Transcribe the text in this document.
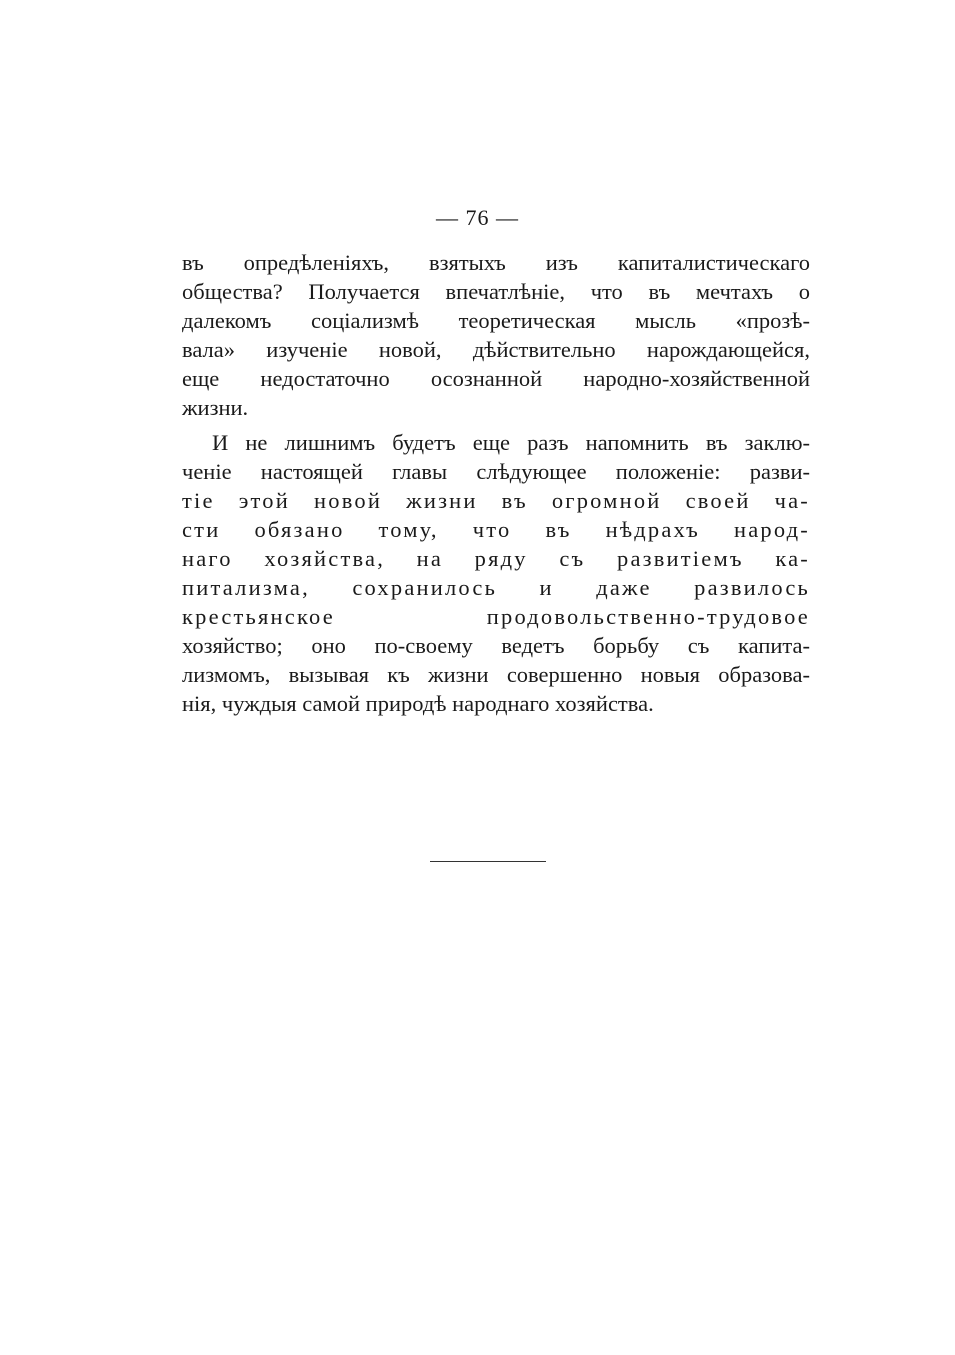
— 76 —
въ опредѣленіяхъ, взятыхъ изъ капиталистическаго
общества? Получается впечатлѣніе, что въ мечтахъ о
далекомъ соціализмѣ теоретическая мысль «прозѣ-
вала» изученіе новой, дѣйствительно нарождающейся,
еще недостаточно осознанной народно-хозяйственной
жизни.
И не лишнимъ будетъ еще разъ напомнить въ заклю-
ченіе настоящей главы слѣдующее положеніе: разви-
тіе этой новой жизни въ огромной своей ча-
сти обязано тому, что въ нѣдрахъ народ-
наго хозяйства, на ряду съ развитіемъ ка-
питализма, сохранилось и даже развилось
крестьянское продовольственно-трудовое
хозяйство; оно по-своему ведетъ борьбу съ капита-
лизмомъ, вызывая къ жизни совершенно новыя образова-
нія, чуждыя самой природѣ народнаго хозяйства.
